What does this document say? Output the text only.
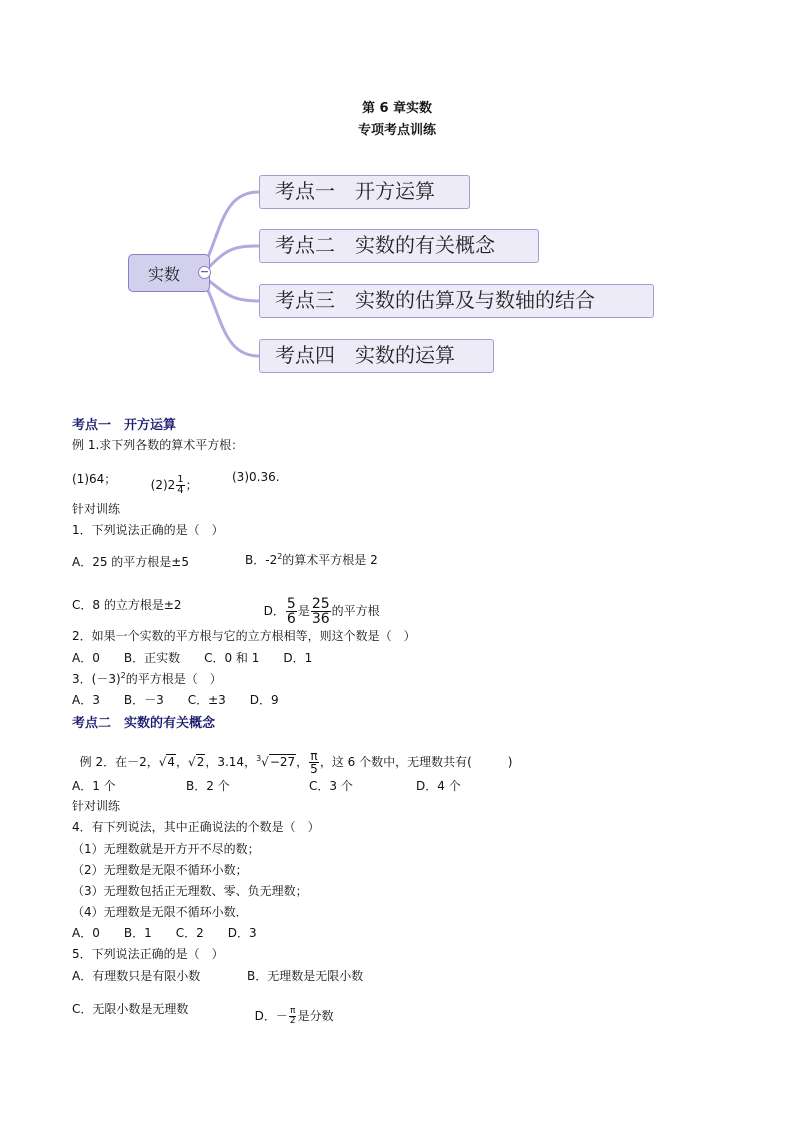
第 6 章实数
专项考点训练
实数	−
考点一　开方运算
考点二　实数的有关概念
考点三　实数的估算及与数轴的结合
考点四　实数的运算
考点一　开方运算
例 1.求下列各数的算术平方根：
(1)64；	$(2)2 \frac{1}{4}$ ；

(3)0.36.
针对训练
1．下列说法正确的是（　）
A．25 的平方根是±5	B．$-2^2$的算术平方根是 2
C．8 的立方根是±2	D． $\frac{5}{6}$ 是 $\frac{25}{36}$ 的平方根

2．如果一个实数的平方根与它的立方根相等，则这个数是（　）
A．0　　B．正实数　　C．0 和 1　　D．1
3．$(-3)^2$的平方根是（　）
A．3　　B．－3　　C．±3　　D．9
考点二　实数的有关概念

例 2．在－2，√4，√2，3.14，$^3$√−27， $\frac{\pi}{5}$ ，这 6 个数中，无理数共有(　　　)

A．1 个	B．2 个	C．3 个	D．4 个
针对训练
4．有下列说法，其中正确说法的个数是（　）
（1）无理数就是开方开不尽的数；
（2）无理数是无限不循环小数；
（3）无理数包括正无理数、零、负无理数；
（4）无理数是无限不循环小数．
A．0　　B．1　　C．2　　D．3
5．下列说法正确的是（　）
A．有理数只是有限小数	B．无理数是无限小数
C．无限小数是无理数	D．－ $\frac{\pi}{2}$ 是分数
